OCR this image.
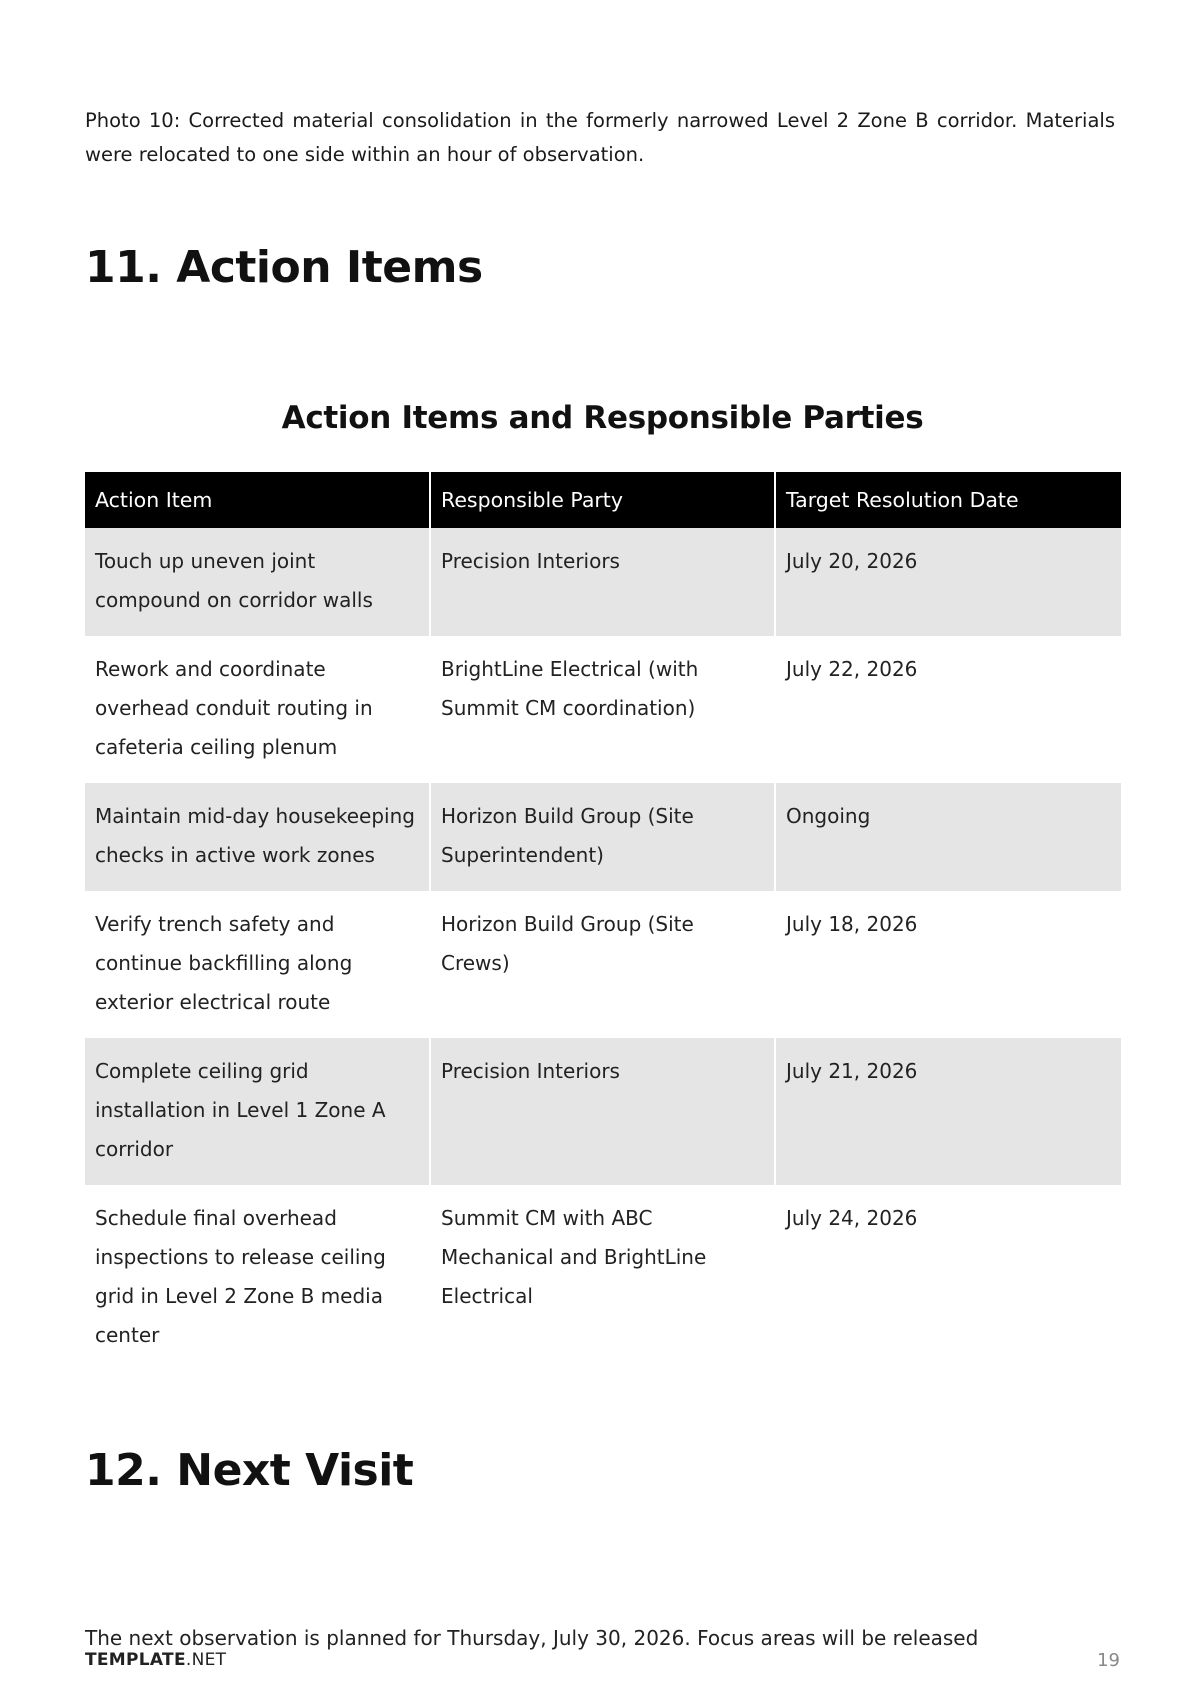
Photo 10: Corrected material consolidation in the formerly narrowed Level 2 Zone B corridor. Materials were relocated to one side within an hour of observation.

11. Action Items
Action Items and Responsible Parties
Action Item	Responsible Party	Target Resolution Date
Touch up uneven joint compound on corridor walls	Precision Interiors	July 20, 2026
Rework and coordinate overhead conduit routing in cafeteria ceiling plenum	BrightLine Electrical (with Summit CM coordination)	July 22, 2026
Maintain mid-day housekeeping checks in active work zones	Horizon Build Group (Site Superintendent)	Ongoing
Verify trench safety and continue backfilling along exterior electrical route	Horizon Build Group (Site Crews)	July 18, 2026
Complete ceiling grid installation in Level 1 Zone A corridor	Precision Interiors	July 21, 2026
Schedule final overhead inspections to release ceiling grid in Level 2 Zone B media center	Summit CM with ABC Mechanical and BrightLine Electrical	July 24, 2026
12. Next Visit
The next observation is planned for Thursday, July 30, 2026. Focus areas will be released
TEMPLATE.NET	19
